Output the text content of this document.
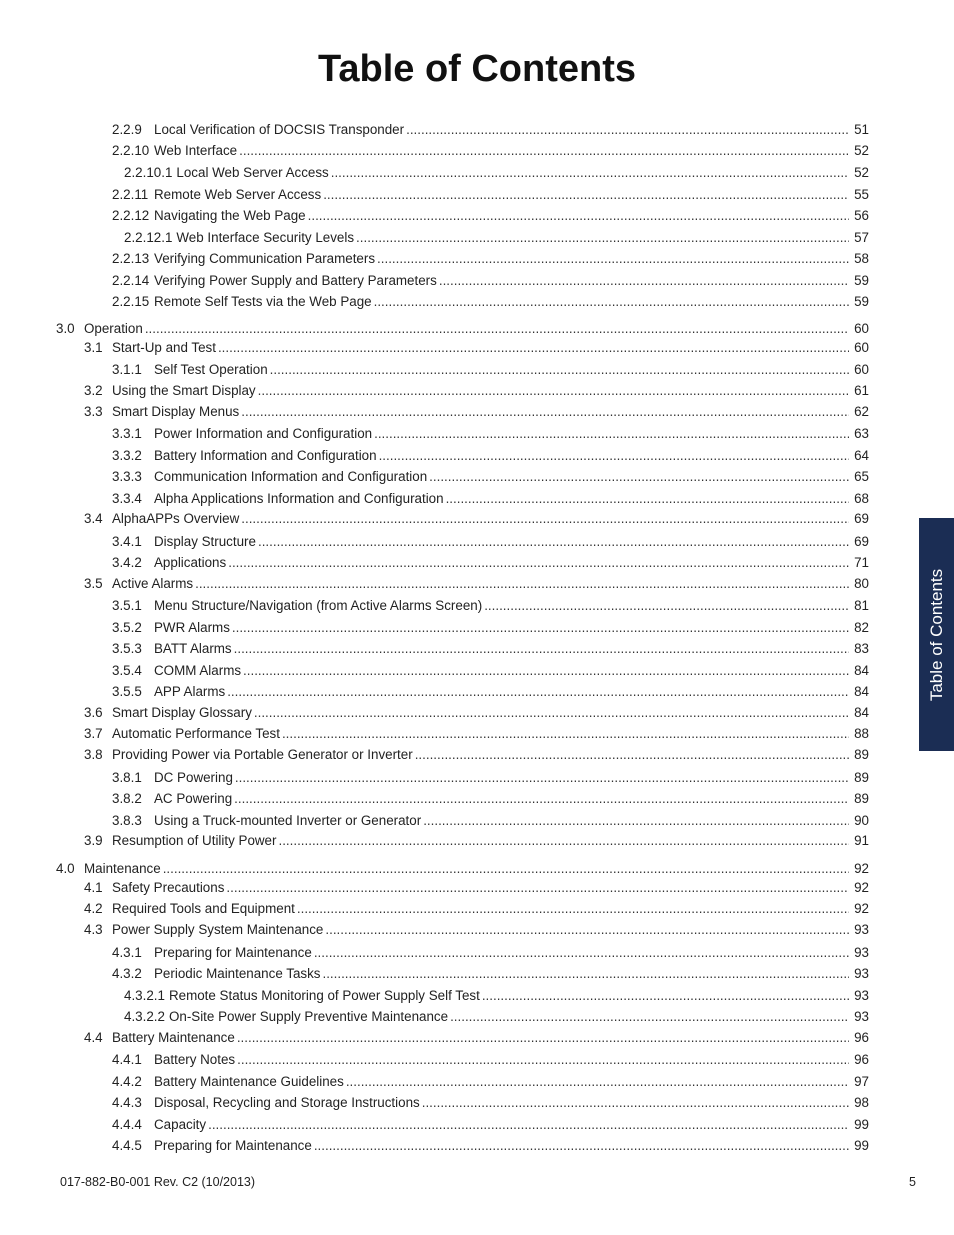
Table of Contents
2.2.9 Local Verification of DOCSIS Transponder .....	51
2.2.10 Web Interface .....	52
2.2.10.1 Local Web Server Access .....	52
2.2.11 Remote Web Server Access .....	55
2.2.12 Navigating the Web Page .....	56
2.2.12.1 Web Interface Security Levels .....	57
2.2.13 Verifying Communication Parameters .....	58
2.2.14 Verifying Power Supply and Battery Parameters .....	59
2.2.15 Remote Self Tests via the Web Page .....	59
3.0 Operation .....	60
3.1 Start-Up and Test .....	60
3.1.1 Self Test Operation .....	60
3.2 Using the Smart Display .....	61
3.3 Smart Display Menus .....	62
3.3.1 Power Information and Configuration .....	63
3.3.2 Battery Information and Configuration .....	64
3.3.3 Communication Information and Configuration .....	65
3.3.4 Alpha Applications Information and Configuration .....	68
3.4 AlphaAPPs Overview .....	69
3.4.1 Display Structure .....	69
3.4.2 Applications .....	71
3.5 Active Alarms .....	80
3.5.1 Menu Structure/Navigation (from Active Alarms Screen) .....	81
3.5.2 PWR Alarms .....	82
3.5.3 BATT Alarms .....	83
3.5.4 COMM Alarms .....	84
3.5.5 APP Alarms .....	84
3.6 Smart Display Glossary .....	84
3.7 Automatic Performance Test .....	88
3.8 Providing Power via Portable Generator or Inverter .....	89
3.8.1 DC Powering .....	89
3.8.2 AC Powering .....	89
3.8.3 Using a Truck-mounted Inverter or Generator .....	90
3.9 Resumption of Utility Power .....	91
4.0 Maintenance .....	92
4.1 Safety Precautions .....	92
4.2 Required Tools and Equipment .....	92
4.3 Power Supply System Maintenance .....	93
4.3.1 Preparing for Maintenance .....	93
4.3.2 Periodic Maintenance Tasks .....	93
4.3.2.1 Remote Status Monitoring of Power Supply Self Test .....	93
4.3.2.2 On-Site Power Supply Preventive Maintenance .....	93
4.4 Battery Maintenance .....	96
4.4.1 Battery Notes .....	96
4.4.2 Battery Maintenance Guidelines .....	97
4.4.3 Disposal, Recycling and Storage Instructions .....	98
4.4.4 Capacity .....	99
4.4.5 Preparing for Maintenance .....	99
Table of Contents
017-882-B0-001 Rev. C2 (10/2013)	5
